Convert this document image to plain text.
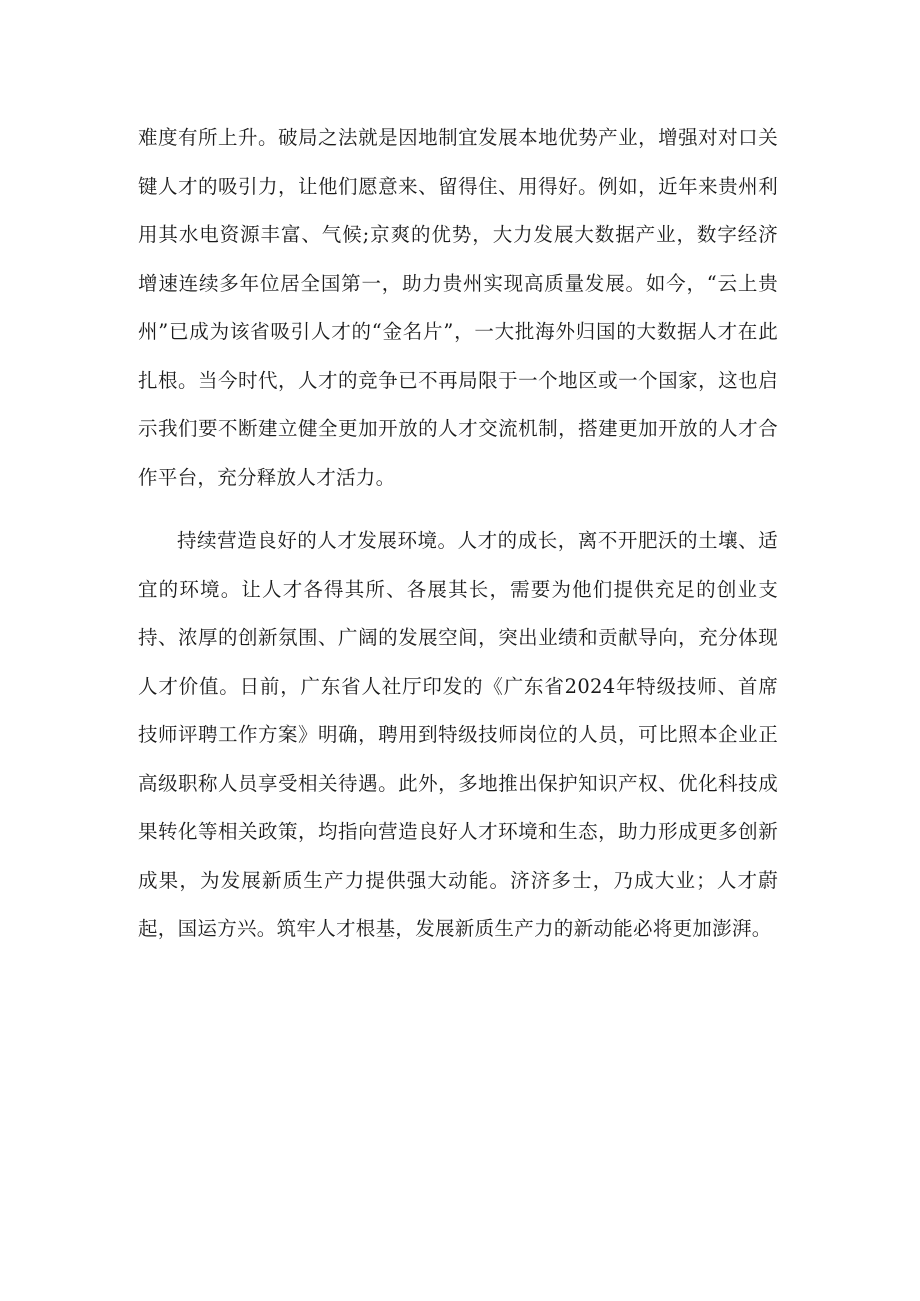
难度有所上升。破局之法就是因地制宜发展本地优势产业，增强对对口关键人才的吸引力，让他们愿意来、留得住、用得好。例如，近年来贵州利用其水电资源丰富、气候;京爽的优势，大力发展大数据产业，数字经济增速连续多年位居全国第一，助力贵州实现高质量发展。如今，“云上贵州”已成为该省吸引人才的“金名片”，一大批海外归国的大数据人才在此扎根。当今时代，人才的竞争已不再局限于一个地区或一个国家，这也启示我们要不断建立健全更加开放的人才交流机制，搭建更加开放的人才合作平台，充分释放人才活力。

持续营造良好的人才发展环境。人才的成长，离不开肥沃的土壤、适宜的环境。让人才各得其所、各展其长，需要为他们提供充足的创业支持、浓厚的创新氛围、广阔的发展空间，突出业绩和贡献导向，充分体现人才价值。日前，广东省人社厅印发的《广东省2024年特级技师、首席技师评聘工作方案》明确，聘用到特级技师岗位的人员，可比照本企业正高级职称人员享受相关待遇。此外，多地推出保护知识产权、优化科技成果转化等相关政策，均指向营造良好人才环境和生态，助力形成更多创新成果，为发展新质生产力提供强大动能。济济多士，乃成大业；人才蔚起，国运方兴。筑牢人才根基，发展新质生产力的新动能必将更加澎湃。
